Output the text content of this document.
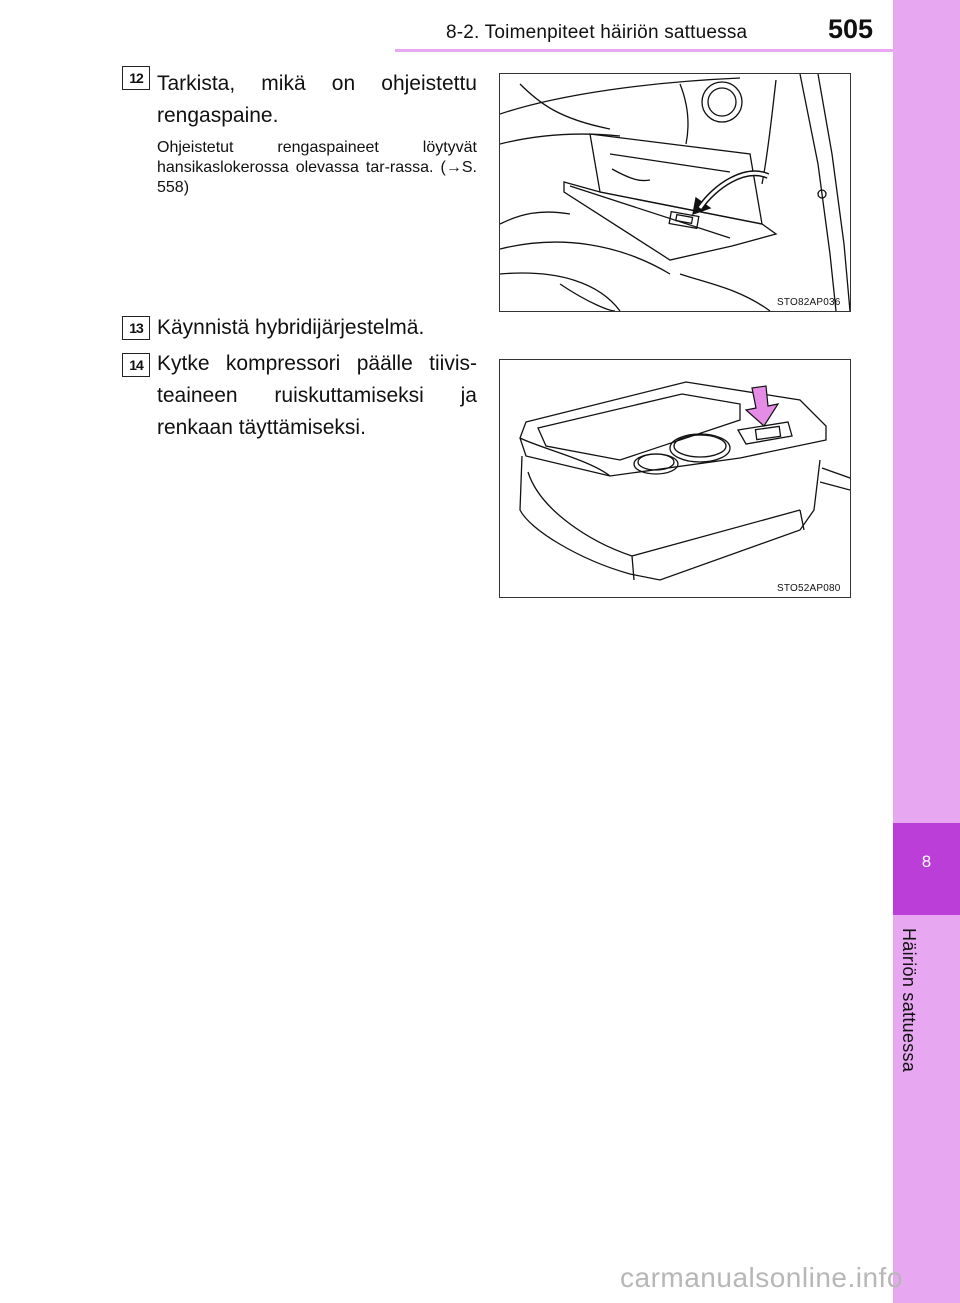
8-2. Toimenpiteet häiriön sattuessa	505
8
Häiriön sattuessa
12 Tarkista, mikä on ohjeistettu rengaspaine.
Ohjeistetut rengaspaineet löytyvät hansikaslokerossa olevassa tar-rassa. (→S. 558)
STO82AP036
13 Käynnistä hybridijärjestelmä.
14 Kytke kompressori päälle tiivis-teaineen ruiskuttamiseksi ja renkaan täyttämiseksi.
STO52AP080
carmanualsonline.info
